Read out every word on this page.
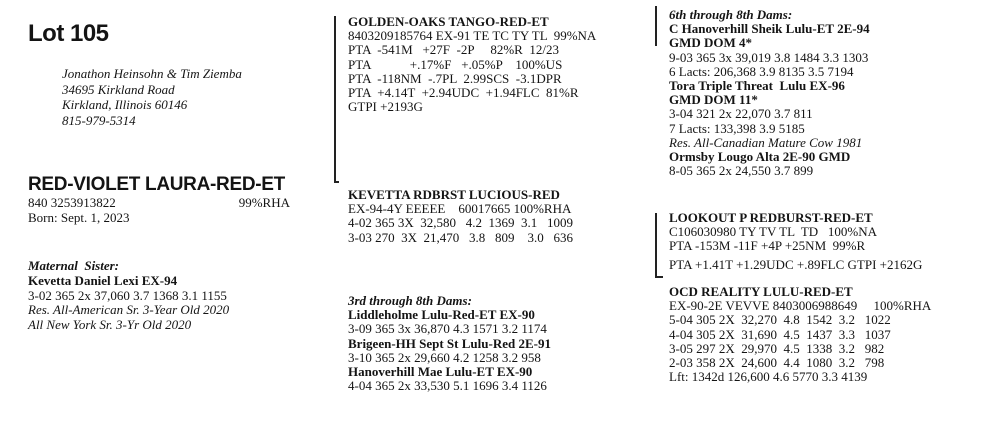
Lot 105
Jonathon Heinsohn & Tim Ziemba
34695 Kirkland Road
Kirkland, Illinois 60146
815-979-5314
RED-VIOLET LAURA-RED-ET
840 3253913822	99%RHA
Born: Sept. 1, 2023
Maternal  Sister:
Kevetta Daniel Lexi EX-94
3-02 365 2x 37,060 3.7 1368 3.1 1155
Res. All-American Sr. 3-Year Old 2020
All New York Sr. 3-Yr Old 2020
GOLDEN-OAKS TANGO-RED-ET
8403209185764 EX-91 TE TC TY TL  99%NA
PTA  -541M   +27F  -2P     82%R  12/23
PTA            +.17%F   +.05%P    100%US
PTA  -118NM  -.7PL  2.99SCS  -3.1DPR
PTA  +4.14T  +2.94UDC  +1.94FLC  81%R
GTPI +2193G
KEVETTA RDBRST LUCIOUS-RED
EX-94-4Y EEEEE    60017665 100%RHA
4-02 365 3X  32,580   4.2  1369  3.1   1009
3-03 270  3X  21,470   3.8   809    3.0   636
3rd through 8th Dams:
Liddleholme Lulu-Red-ET EX-90
3-09 365 3x 36,870 4.3 1571 3.2 1174
Brigeen-HH Sept St Lulu-Red 2E-91
3-10 365 2x 29,660 4.2 1258 3.2 958
Hanoverhill Mae Lulu-ET EX-90
4-04 365 2x 33,530 5.1 1696 3.4 1126
6th through 8th Dams:
C Hanoverhill Sheik Lulu-ET 2E-94
GMD DOM 4*
9-03 365 3x 39,019 3.8 1484 3.3 1303
6 Lacts: 206,368 3.9 8135 3.5 7194
Tora Triple Threat  Lulu EX-96
GMD DOM 11*
3-04 321 2x 22,070 3.7 811
7 Lacts: 133,398 3.9 5185
Res. All-Canadian Mature Cow 1981
Ormsby Lougo Alta 2E-90 GMD
8-05 365 2x 24,550 3.7 899
LOOKOUT P REDBURST-RED-ET
C106030980 TY TV TL  TD   100%NA
PTA -153M -11F +4P +25NM  99%R
PTA +1.41T +1.29UDC +.89FLC GTPI +2162G
OCD REALITY LULU-RED-ET
EX-90-2E VEVVE 8403006988649     100%RHA
5-04 305 2X  32,270  4.8  1542  3.2   1022
4-04 305 2X  31,690  4.5  1437  3.3   1037
3-05 297 2X  29,970  4.5  1338  3.2   982
2-03 358 2X  24,600  4.4  1080  3.2   798
Lft: 1342d 126,600 4.6 5770 3.3 4139
